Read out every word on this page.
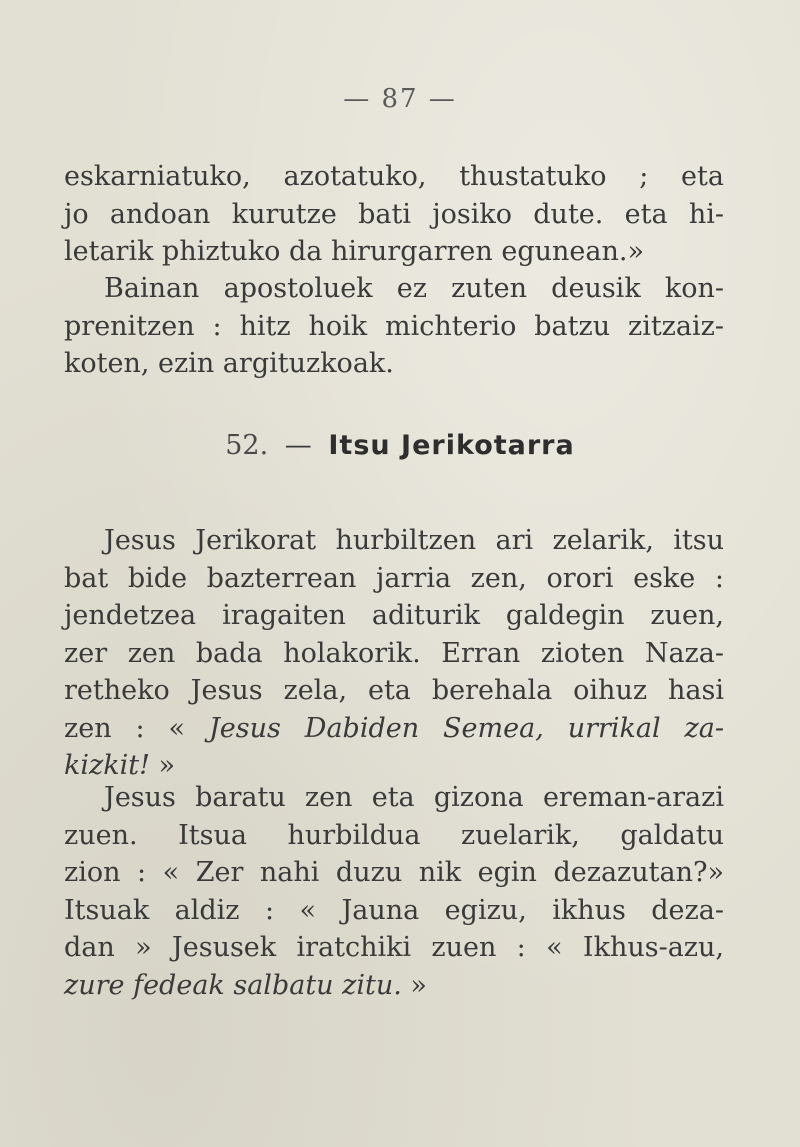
— 87 —
eskarniatuko, azotatuko, thustatuko ; eta
jo andoan kurutze bati josiko dute. eta hi-
letarik phiztuko da hirurgarren egunean.»
Bainan apostoluek ez zuten deusik kon-
prenitzen : hitz hoik michterio batzu zitzaiz-
koten, ezin argituzkoak.
52. — Itsu Jerikotarra
Jesus Jerikorat hurbiltzen ari zelarik, itsu
bat bide bazterrean jarria zen, orori eske :
jendetzea iragaiten aditurik galdegin zuen,
zer zen bada holakorik. Erran zioten Naza-
retheko Jesus zela, eta berehala oihuz hasi
zen : « Jesus Dabiden Semea, urrikal za-
kizkit! »
Jesus baratu zen eta gizona ereman-arazi
zuen. Itsua hurbildua zuelarik, galdatu
zion : « Zer nahi duzu nik egin dezazutan?»
Itsuak aldiz : « Jauna egizu, ikhus deza-
dan » Jesusek iratchiki zuen : « Ikhus-azu,
zure fedeak salbatu zitu. »
